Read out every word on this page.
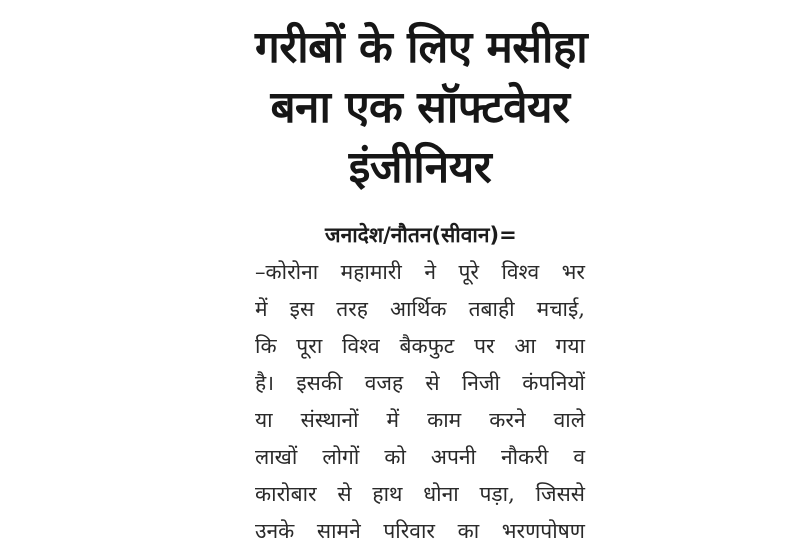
गरीबों के लिए मसीहा
बना एक सॉफ्टवेयर
इंजीनियर
जनादेश/नौतन(सीवान)=
–कोरोना महामारी ने पूरे विश्व भर
में इस तरह आर्थिक तबाही मचाई,
कि पूरा विश्व बैकफुट पर आ गया
है। इसकी वजह से निजी कंपनियों
या संस्थानों में काम करने वाले
लाखों लोगों को अपनी नौकरी व
कारोबार से हाथ धोना पड़ा, जिससे
उनके सामने परिवार का भरणपोषण
